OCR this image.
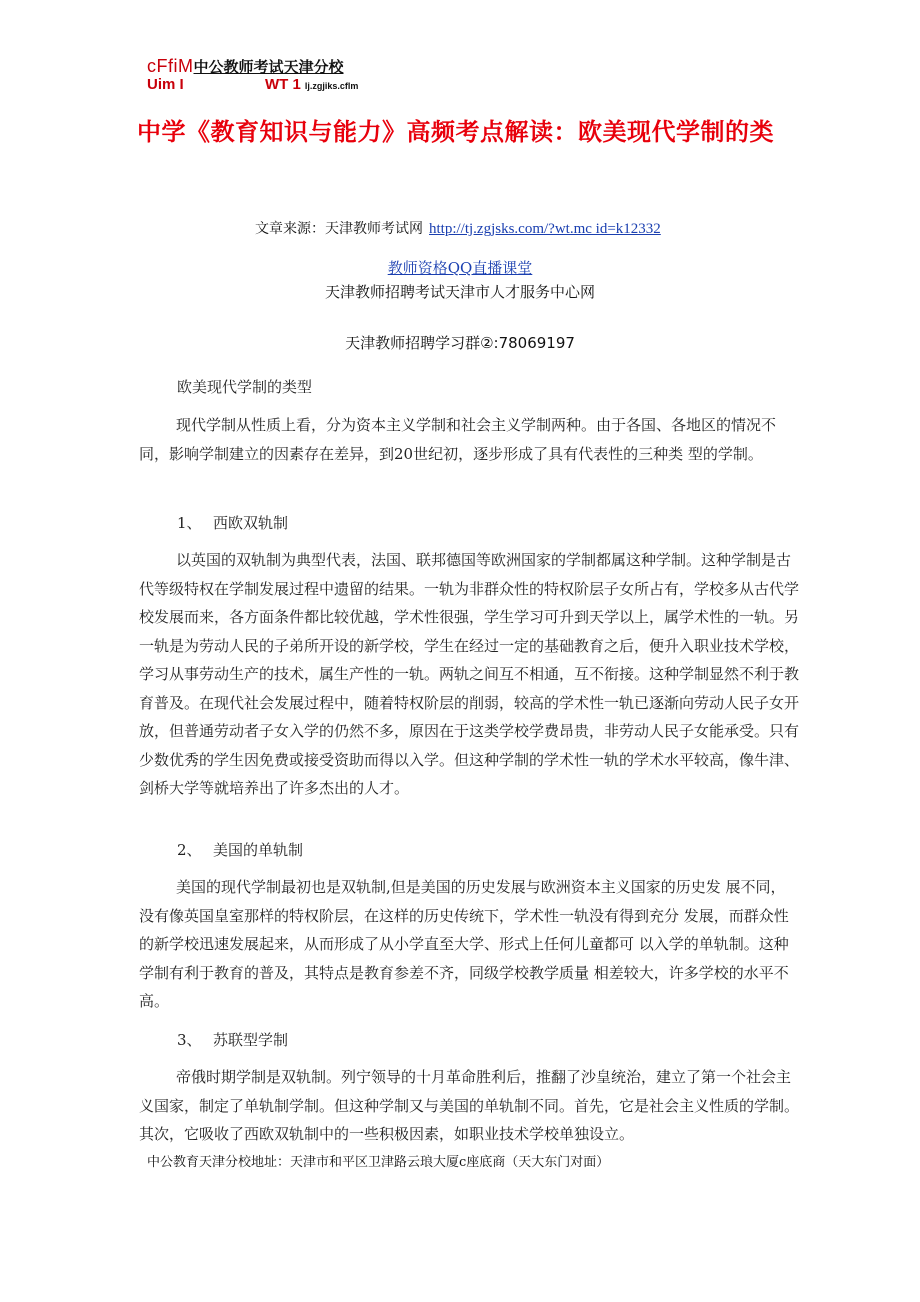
cFfiM中公教师考试天津分校
Uim I	WT 1 lj.zgjiks.cflm
中学《教育知识与能力》高频考点解读：欧美现代学制的类
文章来源：天津教师考试网 http://tj.zgjsks.com/?wt.mc id=k12332
教师资格QQ直播课堂
天津教师招聘考试天津市人才服务中心网
天津教师招聘学习群②:78069197
欧美现代学制的类型
现代学制从性质上看，分为资本主义学制和社会主义学制两种。由于各国、各地区的情况不同，影响学制建立的因素存在差异，到20世纪初，逐步形成了具有代表性的三种类 型的学制。
1、 西欧双轨制
以英国的双轨制为典型代表，法国、联邦德国等欧洲国家的学制都属这种学制。这种学制是古代等级特权在学制发展过程中遗留的结果。一轨为非群众性的特权阶层子女所占有，学校多从古代学校发展而来，各方面条件都比较优越，学术性很强，学生学习可升到天学以上，属学术性的一轨。另一轨是为劳动人民的子弟所开设的新学校，学生在经过一定的基础教育之后，便升入职业技术学校，学习从事劳动生产的技术，属生产性的一轨。两轨之间互不相通，互不衔接。这种学制显然不利于教育普及。在现代社会发展过程中，随着特权阶层的削弱，较高的学术性一轨已逐渐向劳动人民子女开放，但普通劳动者子女入学的仍然不多，原因在于这类学校学费昂贵，非劳动人民子女能承受。只有少数优秀的学生因免费或接受资助而得以入学。但这种学制的学术性一轨的学术水平较高，像牛津、剑桥大学等就培养出了许多杰出的人才。
2、 美国的单轨制
美国的现代学制最初也是双轨制,但是美国的历史发展与欧洲资本主义国家的历史发 展不同，没有像英国皇室那样的特权阶层，在这样的历史传统下，学术性一轨没有得到充分 发展，而群众性的新学校迅速发展起来，从而形成了从小学直至大学、形式上任何儿童都可 以入学的单轨制。这种学制有利于教育的普及，其特点是教育参差不齐，同级学校教学质量 相差较大，许多学校的水平不高。
3、 苏联型学制
帝俄时期学制是双轨制。列宁领导的十月革命胜利后，推翻了沙皇统治，建立了第一个社会主义国家，制定了单轨制学制。但这种学制又与美国的单轨制不同。首先，它是社会主义性质的学制。其次，它吸收了西欧双轨制中的一些积极因素，如职业技术学校单独设立。
中公教育天津分校地址：天津市和平区卫津路云琅大厦c座底商（天大东门对面）
